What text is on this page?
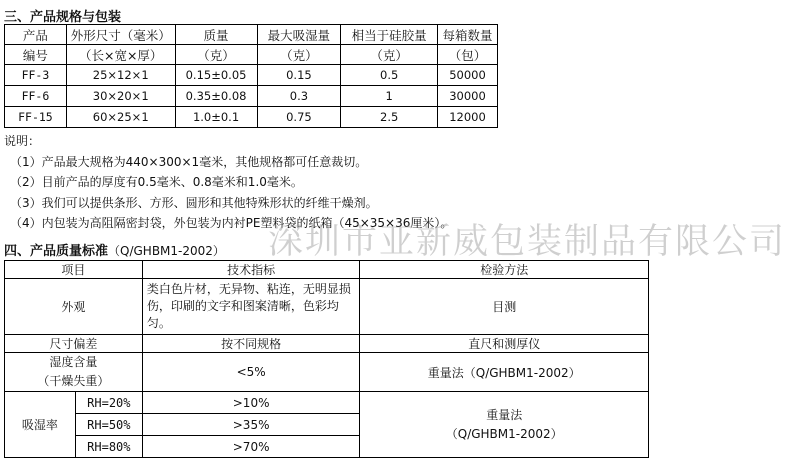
三、产品规格与包装
产品	外形尺寸（毫米）	质量	最大吸湿量	相当于硅胶量	每箱数量
编号	（长×宽×厚）	（克）	（克）	（克）	（包）
FF-3	25×12×1	0.15±0.05	0.15	0.5	50000
FF-6	30×20×1	0.35±0.08	0.3	1	30000
FF-15	60×25×1	1.0±0.1	0.75	2.5	12000
说明：
（1）产品最大规格为440×300×1毫米，其他规格都可任意裁切。
（2）目前产品的厚度有0.5毫米、0.8毫米和1.0毫米。
（3）我们可以提供条形、方形、圆形和其他特殊形状的纤维干燥剂。
（4）内包装为高阻隔密封袋，外包装为内衬PE塑料袋的纸箱（45×35×36厘米）。
四、产品质量标准（Q/GHBM1-2002）
项目		技术指标	检验方法
外观		类白色片材，无异物、粘连，无明显损伤，印刷的文字和图案清晰，色彩均匀。	目测
尺寸偏差		按不同规格	直尺和测厚仪

湿度含量
（干燥失重）		<5%	重量法（Q/GHBM1-2002）
吸湿率	RH=20%	>10%	重量法
（Q/GHBM1-2002）

	RH=50%	>35%	
	RH=80%	>70%	
深圳市亚新威包装制品有限公司
